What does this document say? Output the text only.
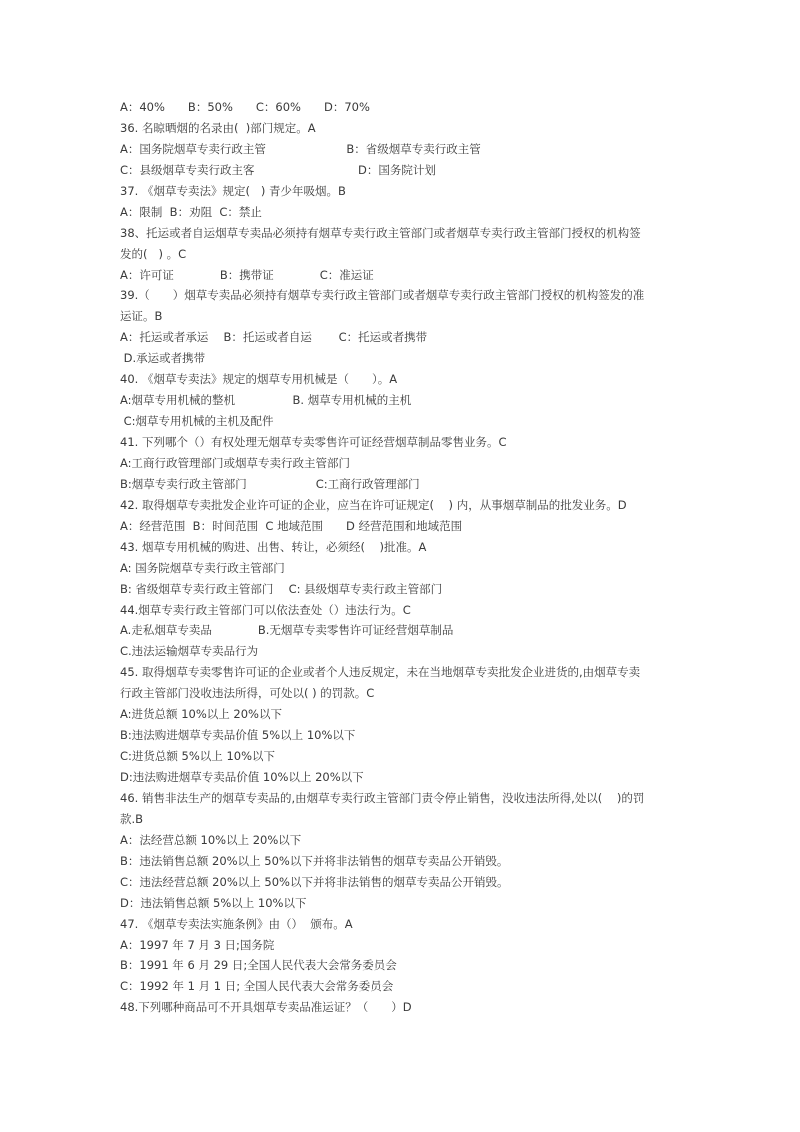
A：40%　　B：50%　　C：60%　　D：70%
36. 名晾晒烟的名录由(  )部门规定。A
A：国务院烟草专卖行政主管　　　　　　　B：省级烟草专卖行政主管
C：县级烟草专卖行政主客　　　　　　　　　D：国务院计划
37. 《烟草专卖法》规定(   ) 青少年吸烟。B
A：限制  B：劝阻  C：禁止
38、托运或者自运烟草专卖品必须持有烟草专卖行政主管部门或者烟草专卖行政主管部门授权的机构签
发的(   ) 。C
A：许可证　　　　B：携带证　　　　C：准运证
39.（　　）烟草专卖品必须持有烟草专卖行政主管部门或者烟草专卖行政主管部门授权的机构签发的准
运证。B
A：托运或者承运　 B：托运或者自运　　 C：托运或者携带
D.承运或者携带
40. 《烟草专卖法》规定的烟草专用机械是（　　）。A
A:烟草专用机械的整机　　　　　B. 烟草专用机械的主机
C:烟草专用机械的主机及配件
41. 下列哪个（）有权处理无烟草专卖零售许可证经营烟草制品零售业务。C
A:工商行政管理部门或烟草专卖行政主管部门
B:烟草专卖行政主管部门　　　　　　C:工商行政管理部门
42. 取得烟草专卖批发企业许可证的企业，应当在许可证规定(    ) 内，从事烟草制品的批发业务。D
A：经营范围  B：时间范围  C 地域范围　　D 经营范围和地域范围
43. 烟草专用机械的购进、出售、转让，必须经(    )批准。A
A: 国务院烟草专卖行政主管部门
B: 省级烟草专卖行政主管部门　 C: 县级烟草专卖行政主管部门
44.烟草专卖行政主管部门可以依法查处（）违法行为。C
A.走私烟草专卖品　　　　B.无烟草专卖零售许可证经营烟草制品
C.违法运输烟草专卖品行为
45. 取得烟草专卖零售许可证的企业或者个人违反规定，未在当地烟草专卖批发企业进货的,由烟草专卖
行政主管部门没收违法所得，可处以( ) 的罚款。C
A:进货总额 10%以上 20%以下
B:违法购进烟草专卖品价值 5%以上 10%以下
C:进货总额 5%以上 10%以下
D:违法购进烟草专卖品价值 10%以上 20%以下
46. 销售非法生产的烟草专卖品的,由烟草专卖行政主管部门责令停止销售，没收违法所得,处以(    )的罚
款.B
A：法经营总额 10%以上 20%以下
B：违法销售总额 20%以上 50%以下并将非法销售的烟草专卖品公开销毁。
C：违法经营总额 20%以上 50%以下并将非法销售的烟草专卖品公开销毁。
D：违法销售总额 5%以上 10%以下
47. 《烟草专卖法实施条例》由（）  颁布。A
A：1997 年 7 月 3 日;国务院
B：1991 年 6 月 29 日;全国人民代表大会常务委员会
C：1992 年 1 月 1 日; 全国人民代表大会常务委员会
48.下列哪种商品可不开具烟草专卖品准运证？（　　）D
